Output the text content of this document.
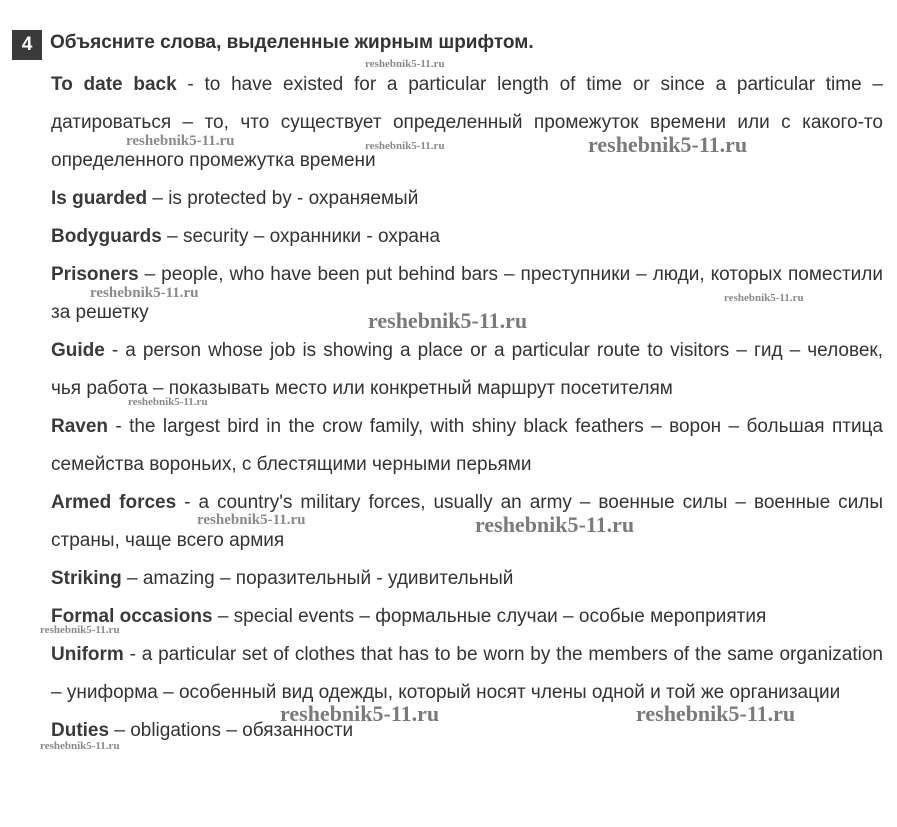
4 Объясните слова, выделенные жирным шрифтом.
To date back - to have existed for a particular length of time or since a particular time – датироваться – то, что существует определенный промежуток времени или с какого-то определенного промежутка времени
Is guarded – is protected by - охраняемый
Bodyguards – security – охранники - охрана
Prisoners – people, who have been put behind bars – преступники – люди, которых поместили за решетку
Guide - a person whose job is showing a place or a particular route to visitors – гид – человек, чья работа – показывать место или конкретный маршрут посетителям
Raven - the largest bird in the crow family, with shiny black feathers – ворон – большая птица семейства вороньих, с блестящими черными перьями
Armed forces - a country's military forces, usually an army – военные силы – военные силы страны, чаще всего армия
Striking – amazing – поразительный - удивительный
Formal occasions – special events – формальные случаи – особые мероприятия
Uniform - a particular set of clothes that has to be worn by the members of the same organization – униформа – особенный вид одежды, который носят члены одной и той же организации
Duties – obligations – обязанности
reshebnik5-11.ru
reshebnik5-11.ru	reshebnik5-11.ru	reshebnik5-11.ru
reshebnik5-11.ru	reshebnik5-11.ru
reshebnik5-11.ru
reshebnik5-11.ru
reshebnik5-11.ru	reshebnik5-11.ru
reshebnik5-11.ru
reshebnik5-11.ru	reshebnik5-11.ru
reshebnik5-11.ru
